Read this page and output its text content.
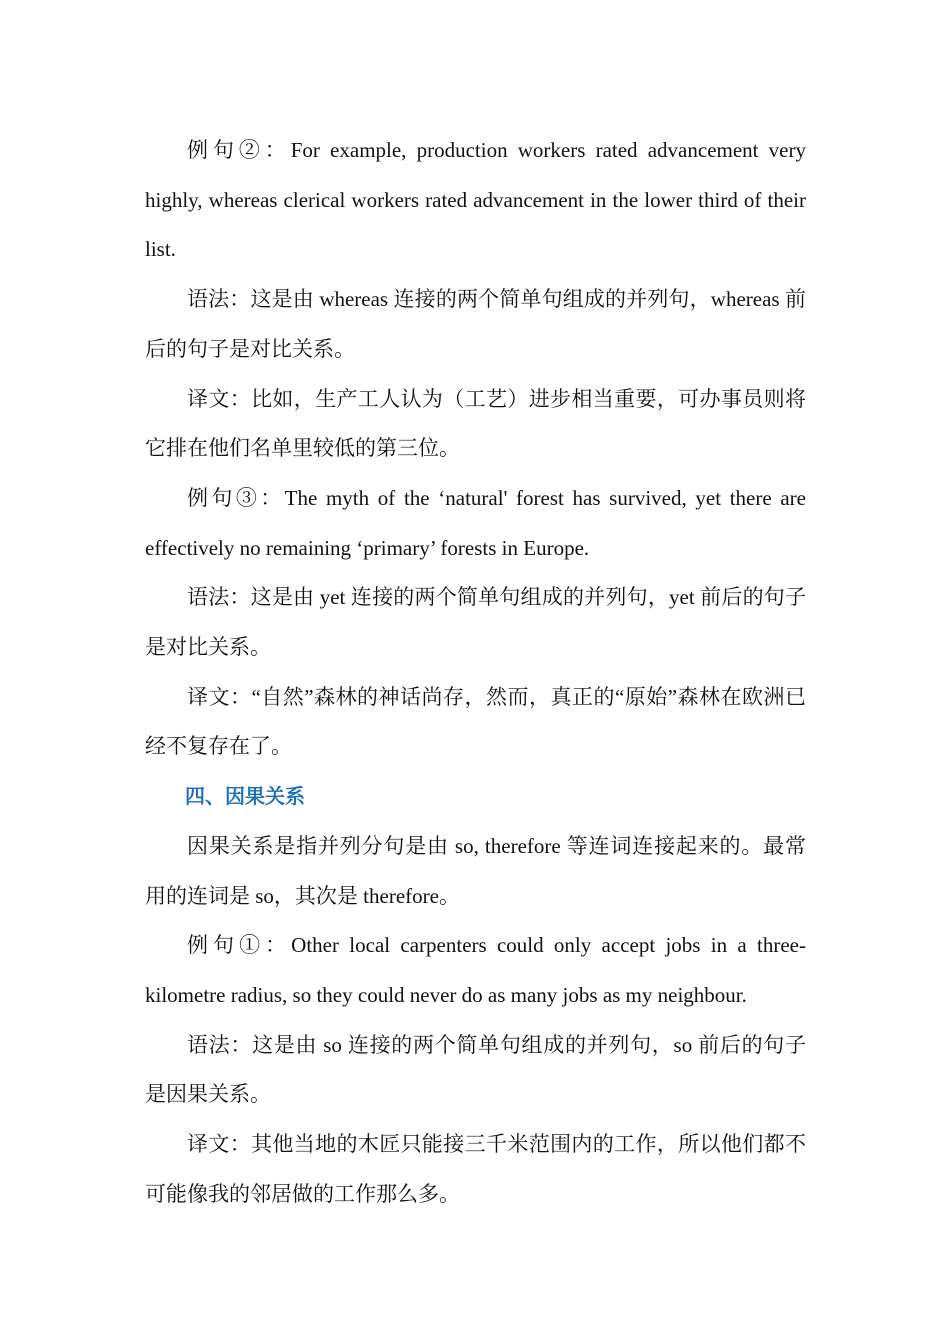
例句②：For example, production workers rated advancement very highly, whereas clerical workers rated advancement in the lower third of their list.

语法：这是由 whereas 连接的两个简单句组成的并列句，whereas 前后的句子是对比关系。

译文：比如，生产工人认为（工艺）进步相当重要，可办事员则将它排在他们名单里较低的第三位。

例句③：The myth of the ‘natural' forest has survived, yet there are effectively no remaining ‘primary’ forests in Europe.

语法：这是由 yet 连接的两个简单句组成的并列句，yet 前后的句子是对比关系。

译文：“自然”森林的神话尚存，然而，真正的“原始”森林在欧洲已经不复存在了。

四、因果关系

因果关系是指并列分句是由 so, therefore 等连词连接起来的。最常用的连词是 so，其次是 therefore。

例句①：Other local carpenters could only accept jobs in a three-kilometre radius, so they could never do as many jobs as my neighbour.

语法：这是由 so 连接的两个简单句组成的并列句，so 前后的句子是因果关系。

译文：其他当地的木匠只能接三千米范围内的工作，所以他们都不可能像我的邻居做的工作那么多。
